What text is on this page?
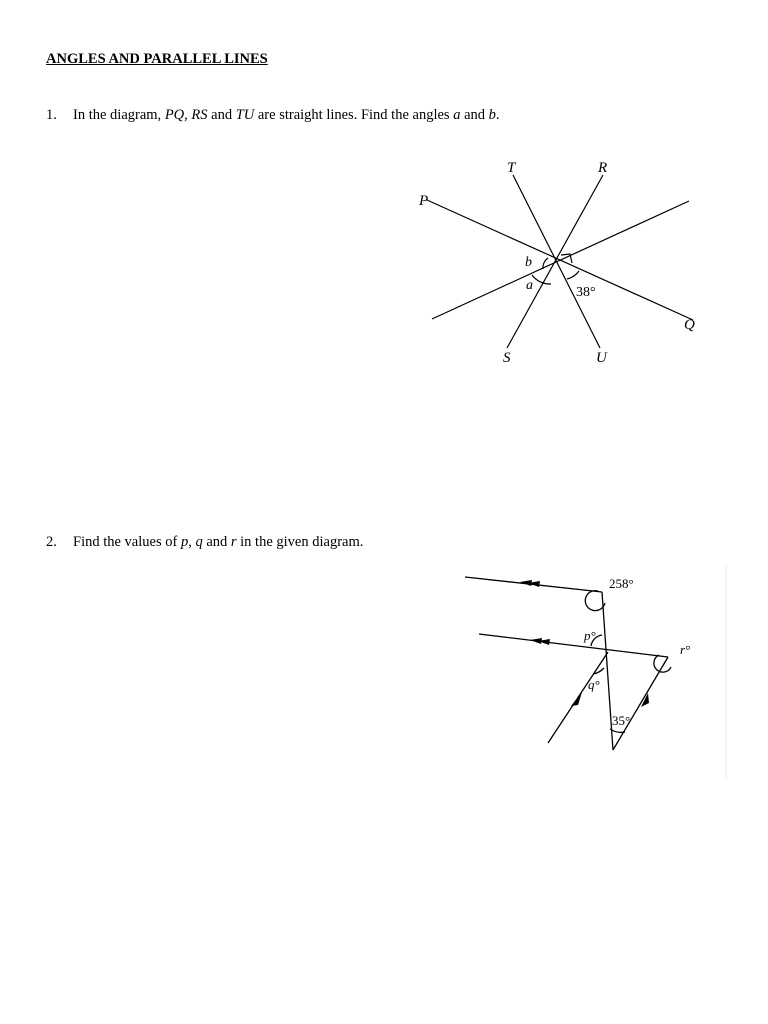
ANGLES AND PARALLEL LINES
1. In the diagram, PQ, RS and TU are straight lines. Find the angles a and b.
P
Q
R
S
T
U
b
a	38°
2. Find the values of p, q and r in the given diagram.
258°
p°
q°
r°
35°
